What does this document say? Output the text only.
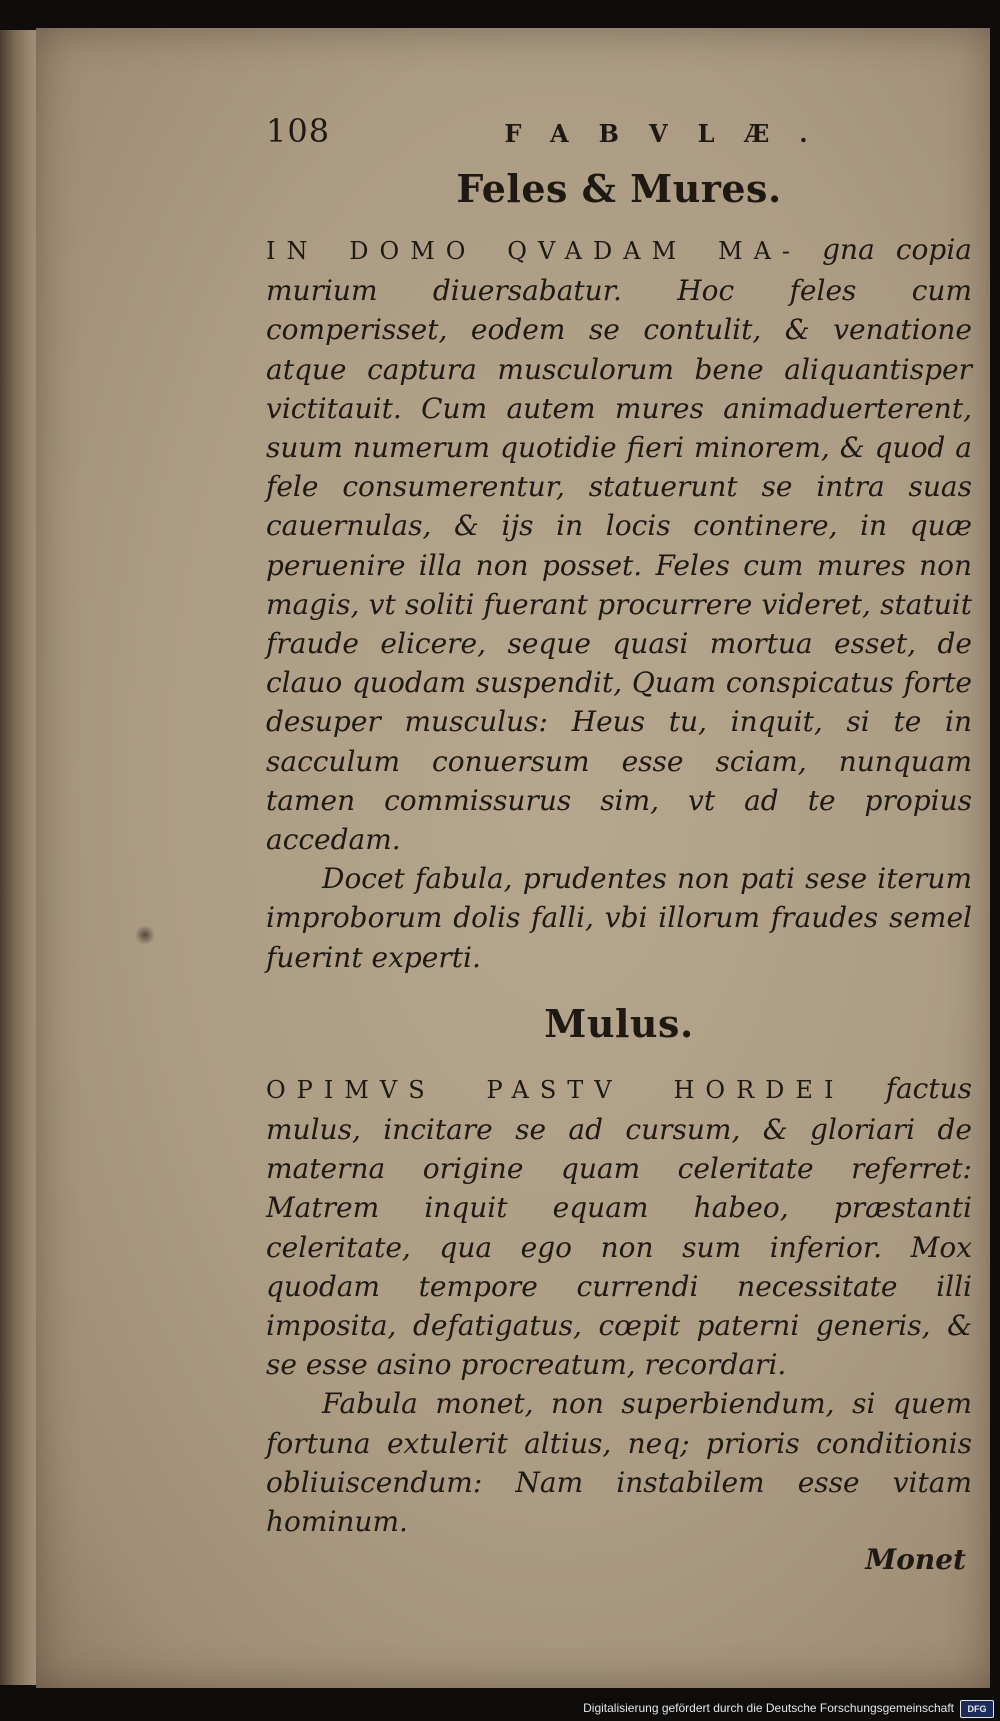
108	FABVLÆ.
Feles & Mures.

IN DOMO QVADAM MA- gna copia murium diuersabatur. Hoc feles cum comperisset, eodem se contulit, & venatione atque captura musculorum bene aliquantisper victitauit. Cum autem mures animaduerterent, suum numerum quotidie fieri minorem, & quod a fele consumerentur, statuerunt se intra suas cauernulas, & ijs in locis continere, in quæ peruenire illa non posset. Feles cum mures non magis, vt soliti fuerant procurrere videret, statuit fraude elicere, seque quasi mortua esset, de clauo quodam suspendit, Quam conspicatus forte desuper musculus: Heus tu, inquit, si te in sacculum conuersum esse sciam, nunquam tamen commissurus sim, vt ad te propius accedam.

Docet fabula, prudentes non pati sese iterum improborum dolis falli, vbi illorum fraudes semel fuerint experti.

Mulus.

OPIMVS PASTV HORDEI factus mulus, incitare se ad cursum, & gloriari de materna origine quam celeritate referret: Matrem inquit equam habeo, præstanti celeritate, qua ego non sum inferior. Mox quodam tempore currendi necessitate illi imposita, defatigatus, cœpit paterni generis, & se esse asino procreatum, recordari.

Fabula monet, non superbiendum, si quem fortuna extulerit altius, neq; prioris conditionis obliuiscendum: Nam instabilem esse vitam hominum.

Monet

Digitalisierung gefördert durch die Deutsche Forschungsgemeinschaft	DFG
